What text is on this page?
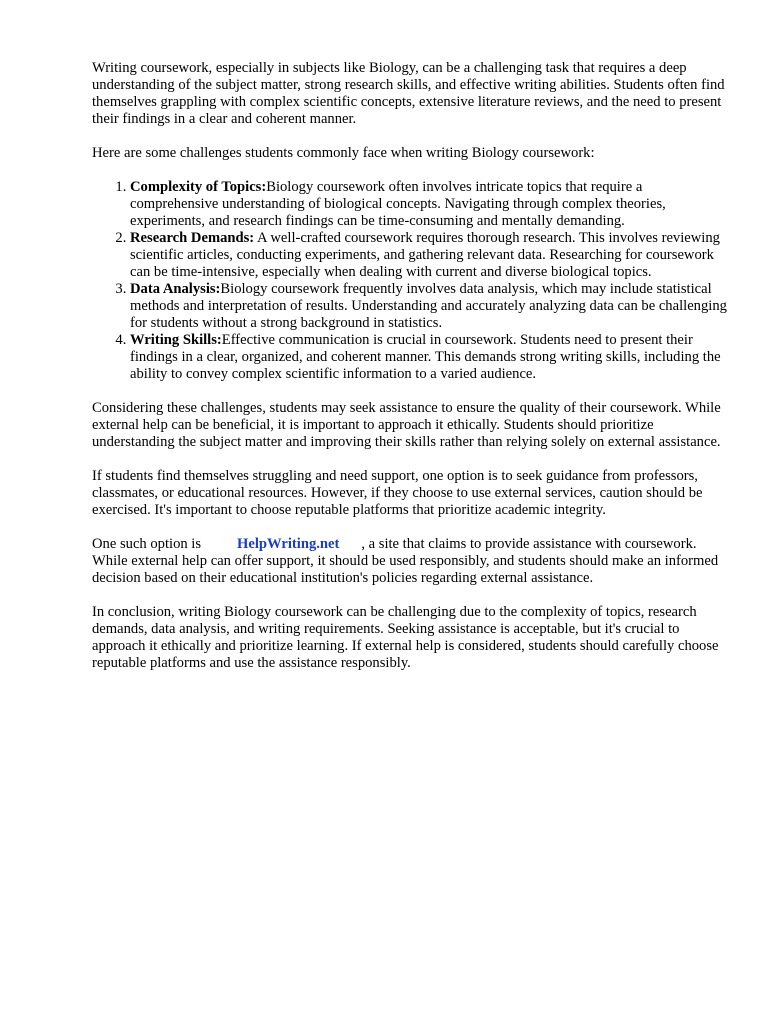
Writing coursework, especially in subjects like Biology, can be a challenging task that requires a deep understanding of the subject matter, strong research skills, and effective writing abilities. Students often find themselves grappling with complex scientific concepts, extensive literature reviews, and the need to present their findings in a clear and coherent manner.

Here are some challenges students commonly face when writing Biology coursework:

1. Complexity of Topics:Biology coursework often involves intricate topics that require a comprehensive understanding of biological concepts. Navigating through complex theories, experiments, and research findings can be time-consuming and mentally demanding.
2. Research Demands: A well-crafted coursework requires thorough research. This involves reviewing scientific articles, conducting experiments, and gathering relevant data. Researching for coursework can be time-intensive, especially when dealing with current and diverse biological topics.
3. Data Analysis:Biology coursework frequently involves data analysis, which may include statistical methods and interpretation of results. Understanding and accurately analyzing data can be challenging for students without a strong background in statistics.
4. Writing Skills:Effective communication is crucial in coursework. Students need to present their findings in a clear, organized, and coherent manner. This demands strong writing skills, including the ability to convey complex scientific information to a varied audience.

Considering these challenges, students may seek assistance to ensure the quality of their coursework. While external help can be beneficial, it is important to approach it ethically. Students should prioritize understanding the subject matter and improving their skills rather than relying solely on external assistance.

If students find themselves struggling and need support, one option is to seek guidance from professors, classmates, or educational resources. However, if they choose to use external services, caution should be exercised. It's important to choose reputable platforms that prioritize academic integrity.

One such option is HelpWriting.net , a site that claims to provide assistance with coursework. While external help can offer support, it should be used responsibly, and students should make an informed decision based on their educational institution's policies regarding external assistance.

In conclusion, writing Biology coursework can be challenging due to the complexity of topics, research demands, data analysis, and writing requirements. Seeking assistance is acceptable, but it's crucial to approach it ethically and prioritize learning. If external help is considered, students should carefully choose reputable platforms and use the assistance responsibly.
